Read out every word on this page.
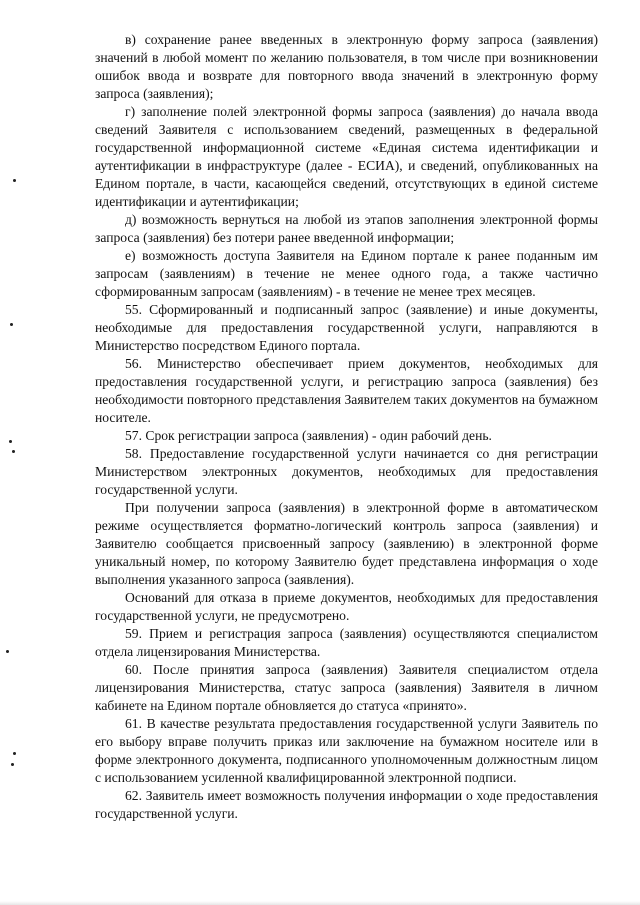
в) сохранение ранее введенных в электронную форму запроса (заявления) значений в любой момент по желанию пользователя, в том числе при возникновении ошибок ввода и возврате для повторного ввода значений в электронную форму запроса (заявления);

г) заполнение полей электронной формы запроса (заявления) до начала ввода сведений Заявителя с использованием сведений, размещенных в федеральной государственной информационной системе «Единая система идентификации и аутентификации в инфраструктуре (далее - ЕСИА), и сведений, опубликованных на Едином портале, в части, касающейся сведений, отсутствующих в единой системе идентификации и аутентификации;

д) возможность вернуться на любой из этапов заполнения электронной формы запроса (заявления) без потери ранее введенной информации;

е) возможность доступа Заявителя на Едином портале к ранее поданным им запросам (заявлениям) в течение не менее одного года, а также частично сформированным запросам (заявлениям) - в течение не менее трех месяцев.

55. Сформированный и подписанный запрос (заявление) и иные документы, необходимые для предоставления государственной услуги, направляются в Министерство посредством Единого портала.

56. Министерство обеспечивает прием документов, необходимых для предоставления государственной услуги, и регистрацию запроса (заявления) без необходимости повторного представления Заявителем таких документов на бумажном носителе.

57. Срок регистрации запроса (заявления) - один рабочий день.

58. Предоставление государственной услуги начинается со дня регистрации Министерством электронных документов, необходимых для предоставления государственной услуги.

При получении запроса (заявления) в электронной форме в автоматическом режиме осуществляется форматно-логический контроль запроса (заявления) и Заявителю сообщается присвоенный запросу (заявлению) в электронной форме уникальный номер, по которому Заявителю будет представлена информация о ходе выполнения указанного запроса (заявления).

Оснований для отказа в приеме документов, необходимых для предоставления государственной услуги, не предусмотрено.

59. Прием и регистрация запроса (заявления) осуществляются специалистом отдела лицензирования Министерства.

60. После принятия запроса (заявления) Заявителя специалистом отдела лицензирования Министерства, статус запроса (заявления) Заявителя в личном кабинете на Едином портале обновляется до статуса «принято».

61. В качестве результата предоставления государственной услуги Заявитель по его выбору вправе получить приказ или заключение на бумажном носителе или в форме электронного документа, подписанного уполномоченным должностным лицом с использованием усиленной квалифицированной электронной подписи.

62. Заявитель имеет возможность получения информации о ходе предоставления государственной услуги.
